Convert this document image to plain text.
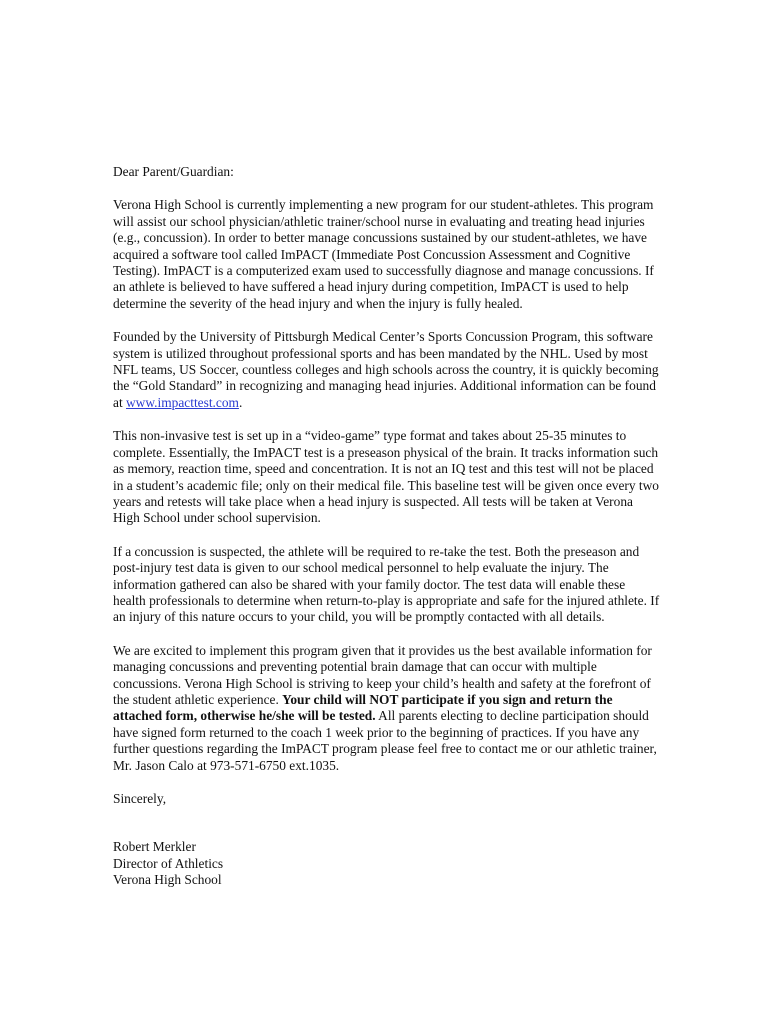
Dear Parent/Guardian:

Verona High School is currently implementing a new program for our student-athletes. This program will assist our school physician/athletic trainer/school nurse in evaluating and treating head injuries (e.g., concussion). In order to better manage concussions sustained by our student-athletes, we have acquired a software tool called ImPACT (Immediate Post Concussion Assessment and Cognitive Testing). ImPACT is a computerized exam used to successfully diagnose and manage concussions. If an athlete is believed to have suffered a head injury during competition, ImPACT is used to help determine the severity of the head injury and when the injury is fully healed.

Founded by the University of Pittsburgh Medical Center’s Sports Concussion Program, this software system is utilized throughout professional sports and has been mandated by the NHL. Used by most NFL teams, US Soccer, countless colleges and high schools across the country, it is quickly becoming the “Gold Standard” in recognizing and managing head injuries. Additional information can be found at www.impacttest.com.

This non-invasive test is set up in a “video-game” type format and takes about 25-35 minutes to complete. Essentially, the ImPACT test is a preseason physical of the brain. It tracks information such as memory, reaction time, speed and concentration. It is not an IQ test and this test will not be placed in a student’s academic file; only on their medical file. This baseline test will be given once every two years and retests will take place when a head injury is suspected. All tests will be taken at Verona High School under school supervision.

If a concussion is suspected, the athlete will be required to re-take the test. Both the preseason and post-injury test data is given to our school medical personnel to help evaluate the injury. The information gathered can also be shared with your family doctor. The test data will enable these health professionals to determine when return-to-play is appropriate and safe for the injured athlete. If an injury of this nature occurs to your child, you will be promptly contacted with all details.

We are excited to implement this program given that it provides us the best available information for managing concussions and preventing potential brain damage that can occur with multiple concussions. Verona High School is striving to keep your child’s health and safety at the forefront of the student athletic experience. Your child will NOT participate if you sign and return the attached form, otherwise he/she will be tested. All parents electing to decline participation should have signed form returned to the coach 1 week prior to the beginning of practices. If you have any further questions regarding the ImPACT program please feel free to contact me or our athletic trainer, Mr. Jason Calo at 973-571-6750 ext.1035.

Sincerely,

Robert Merkler
Director of Athletics
Verona High School
